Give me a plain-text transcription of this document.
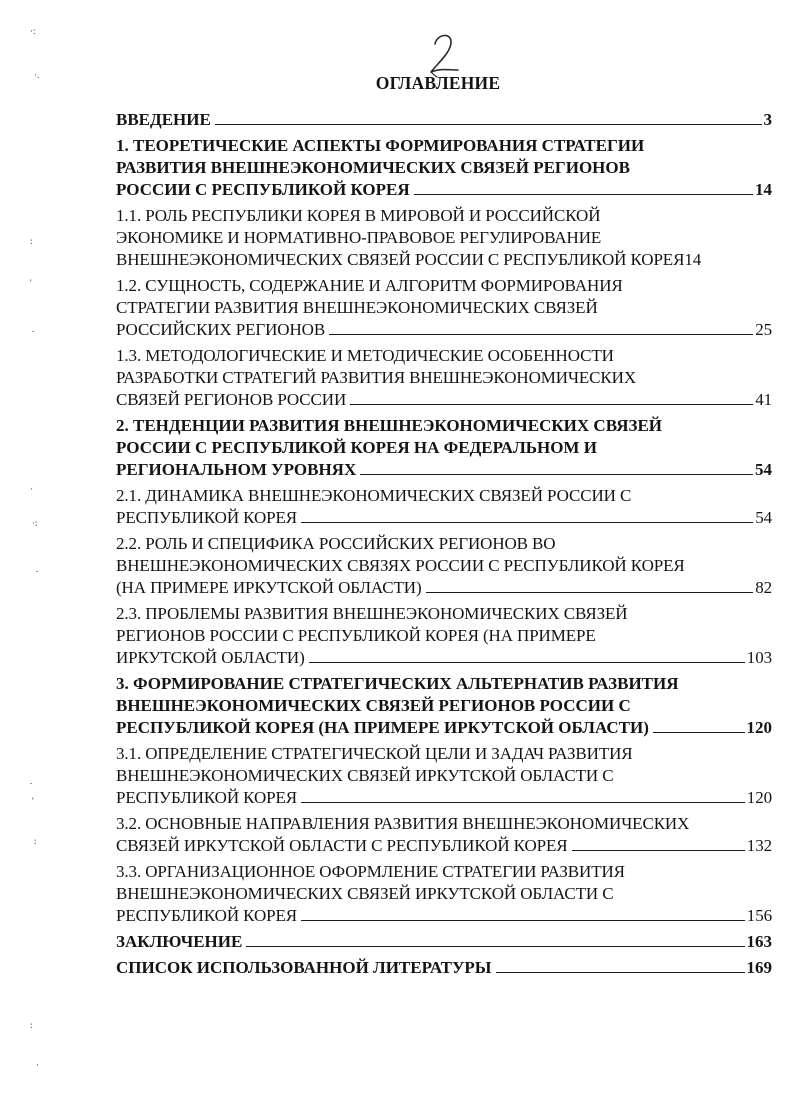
ОГЛАВЛЕНИЕ
ВВЕДЕНИЕ	3
1. ТЕОРЕТИЧЕСКИЕ АСПЕКТЫ ФОРМИРОВАНИЯ СТРАТЕГИИ
РАЗВИТИЯ ВНЕШНЕЭКОНОМИЧЕСКИХ СВЯЗЕЙ РЕГИОНОВ
РОССИИ С РЕСПУБЛИКОЙ КОРЕЯ	14
1.1. РОЛЬ РЕСПУБЛИКИ КОРЕЯ В МИРОВОЙ И РОССИЙСКОЙ
ЭКОНОМИКЕ И НОРМАТИВНО-ПРАВОВОЕ РЕГУЛИРОВАНИЕ
ВНЕШНЕЭКОНОМИЧЕСКИХ СВЯЗЕЙ РОССИИ С РЕСПУБЛИКОЙ КОРЕЯ 14
1.2. СУЩНОСТЬ, СОДЕРЖАНИЕ И АЛГОРИТМ ФОРМИРОВАНИЯ
СТРАТЕГИИ РАЗВИТИЯ ВНЕШНЕЭКОНОМИЧЕСКИХ СВЯЗЕЙ
РОССИЙСКИХ РЕГИОНОВ	25
1.3. МЕТОДОЛОГИЧЕСКИЕ И МЕТОДИЧЕСКИЕ ОСОБЕННОСТИ
РАЗРАБОТКИ СТРАТЕГИЙ РАЗВИТИЯ ВНЕШНЕЭКОНОМИЧЕСКИХ
СВЯЗЕЙ РЕГИОНОВ РОССИИ	41
2. ТЕНДЕНЦИИ РАЗВИТИЯ ВНЕШНЕЭКОНОМИЧЕСКИХ СВЯЗЕЙ
РОССИИ С РЕСПУБЛИКОЙ КОРЕЯ НА ФЕДЕРАЛЬНОМ И
РЕГИОНАЛЬНОМ УРОВНЯХ	54
2.1. ДИНАМИКА ВНЕШНЕЭКОНОМИЧЕСКИХ СВЯЗЕЙ РОССИИ С
РЕСПУБЛИКОЙ КОРЕЯ	54
2.2. РОЛЬ И СПЕЦИФИКА РОССИЙСКИХ РЕГИОНОВ ВО
ВНЕШНЕЭКОНОМИЧЕСКИХ СВЯЗЯХ РОССИИ С РЕСПУБЛИКОЙ КОРЕЯ
(НА ПРИМЕРЕ ИРКУТСКОЙ ОБЛАСТИ)	82
2.3. ПРОБЛЕМЫ РАЗВИТИЯ ВНЕШНЕЭКОНОМИЧЕСКИХ СВЯЗЕЙ
РЕГИОНОВ РОССИИ С РЕСПУБЛИКОЙ КОРЕЯ (НА ПРИМЕРЕ
ИРКУТСКОЙ ОБЛАСТИ)	103
3. ФОРМИРОВАНИЕ СТРАТЕГИЧЕСКИХ АЛЬТЕРНАТИВ РАЗВИТИЯ
ВНЕШНЕЭКОНОМИЧЕСКИХ СВЯЗЕЙ РЕГИОНОВ РОССИИ С
РЕСПУБЛИКОЙ КОРЕЯ (НА ПРИМЕРЕ ИРКУТСКОЙ ОБЛАСТИ)	120
3.1. ОПРЕДЕЛЕНИЕ СТРАТЕГИЧЕСКОЙ ЦЕЛИ И ЗАДАЧ РАЗВИТИЯ
ВНЕШНЕЭКОНОМИЧЕСКИХ СВЯЗЕЙ ИРКУТСКОЙ ОБЛАСТИ С
РЕСПУБЛИКОЙ КОРЕЯ	120
3.2. ОСНОВНЫЕ НАПРАВЛЕНИЯ РАЗВИТИЯ ВНЕШНЕЭКОНОМИЧЕСКИХ
СВЯЗЕЙ ИРКУТСКОЙ ОБЛАСТИ С РЕСПУБЛИКОЙ КОРЕЯ	132
3.3. ОРГАНИЗАЦИОННОЕ ОФОРМЛЕНИЕ СТРАТЕГИИ РАЗВИТИЯ
ВНЕШНЕЭКОНОМИЧЕСКИХ СВЯЗЕЙ ИРКУТСКОЙ ОБЛАСТИ С
РЕСПУБЛИКОЙ КОРЕЯ	156
ЗАКЛЮЧЕНИЕ	163
СПИСОК ИСПОЛЬЗОВАННОЙ ЛИТЕРАТУРЫ	169
·:
·.
:
'
.
·
·:
.
.
'
:
:
·
